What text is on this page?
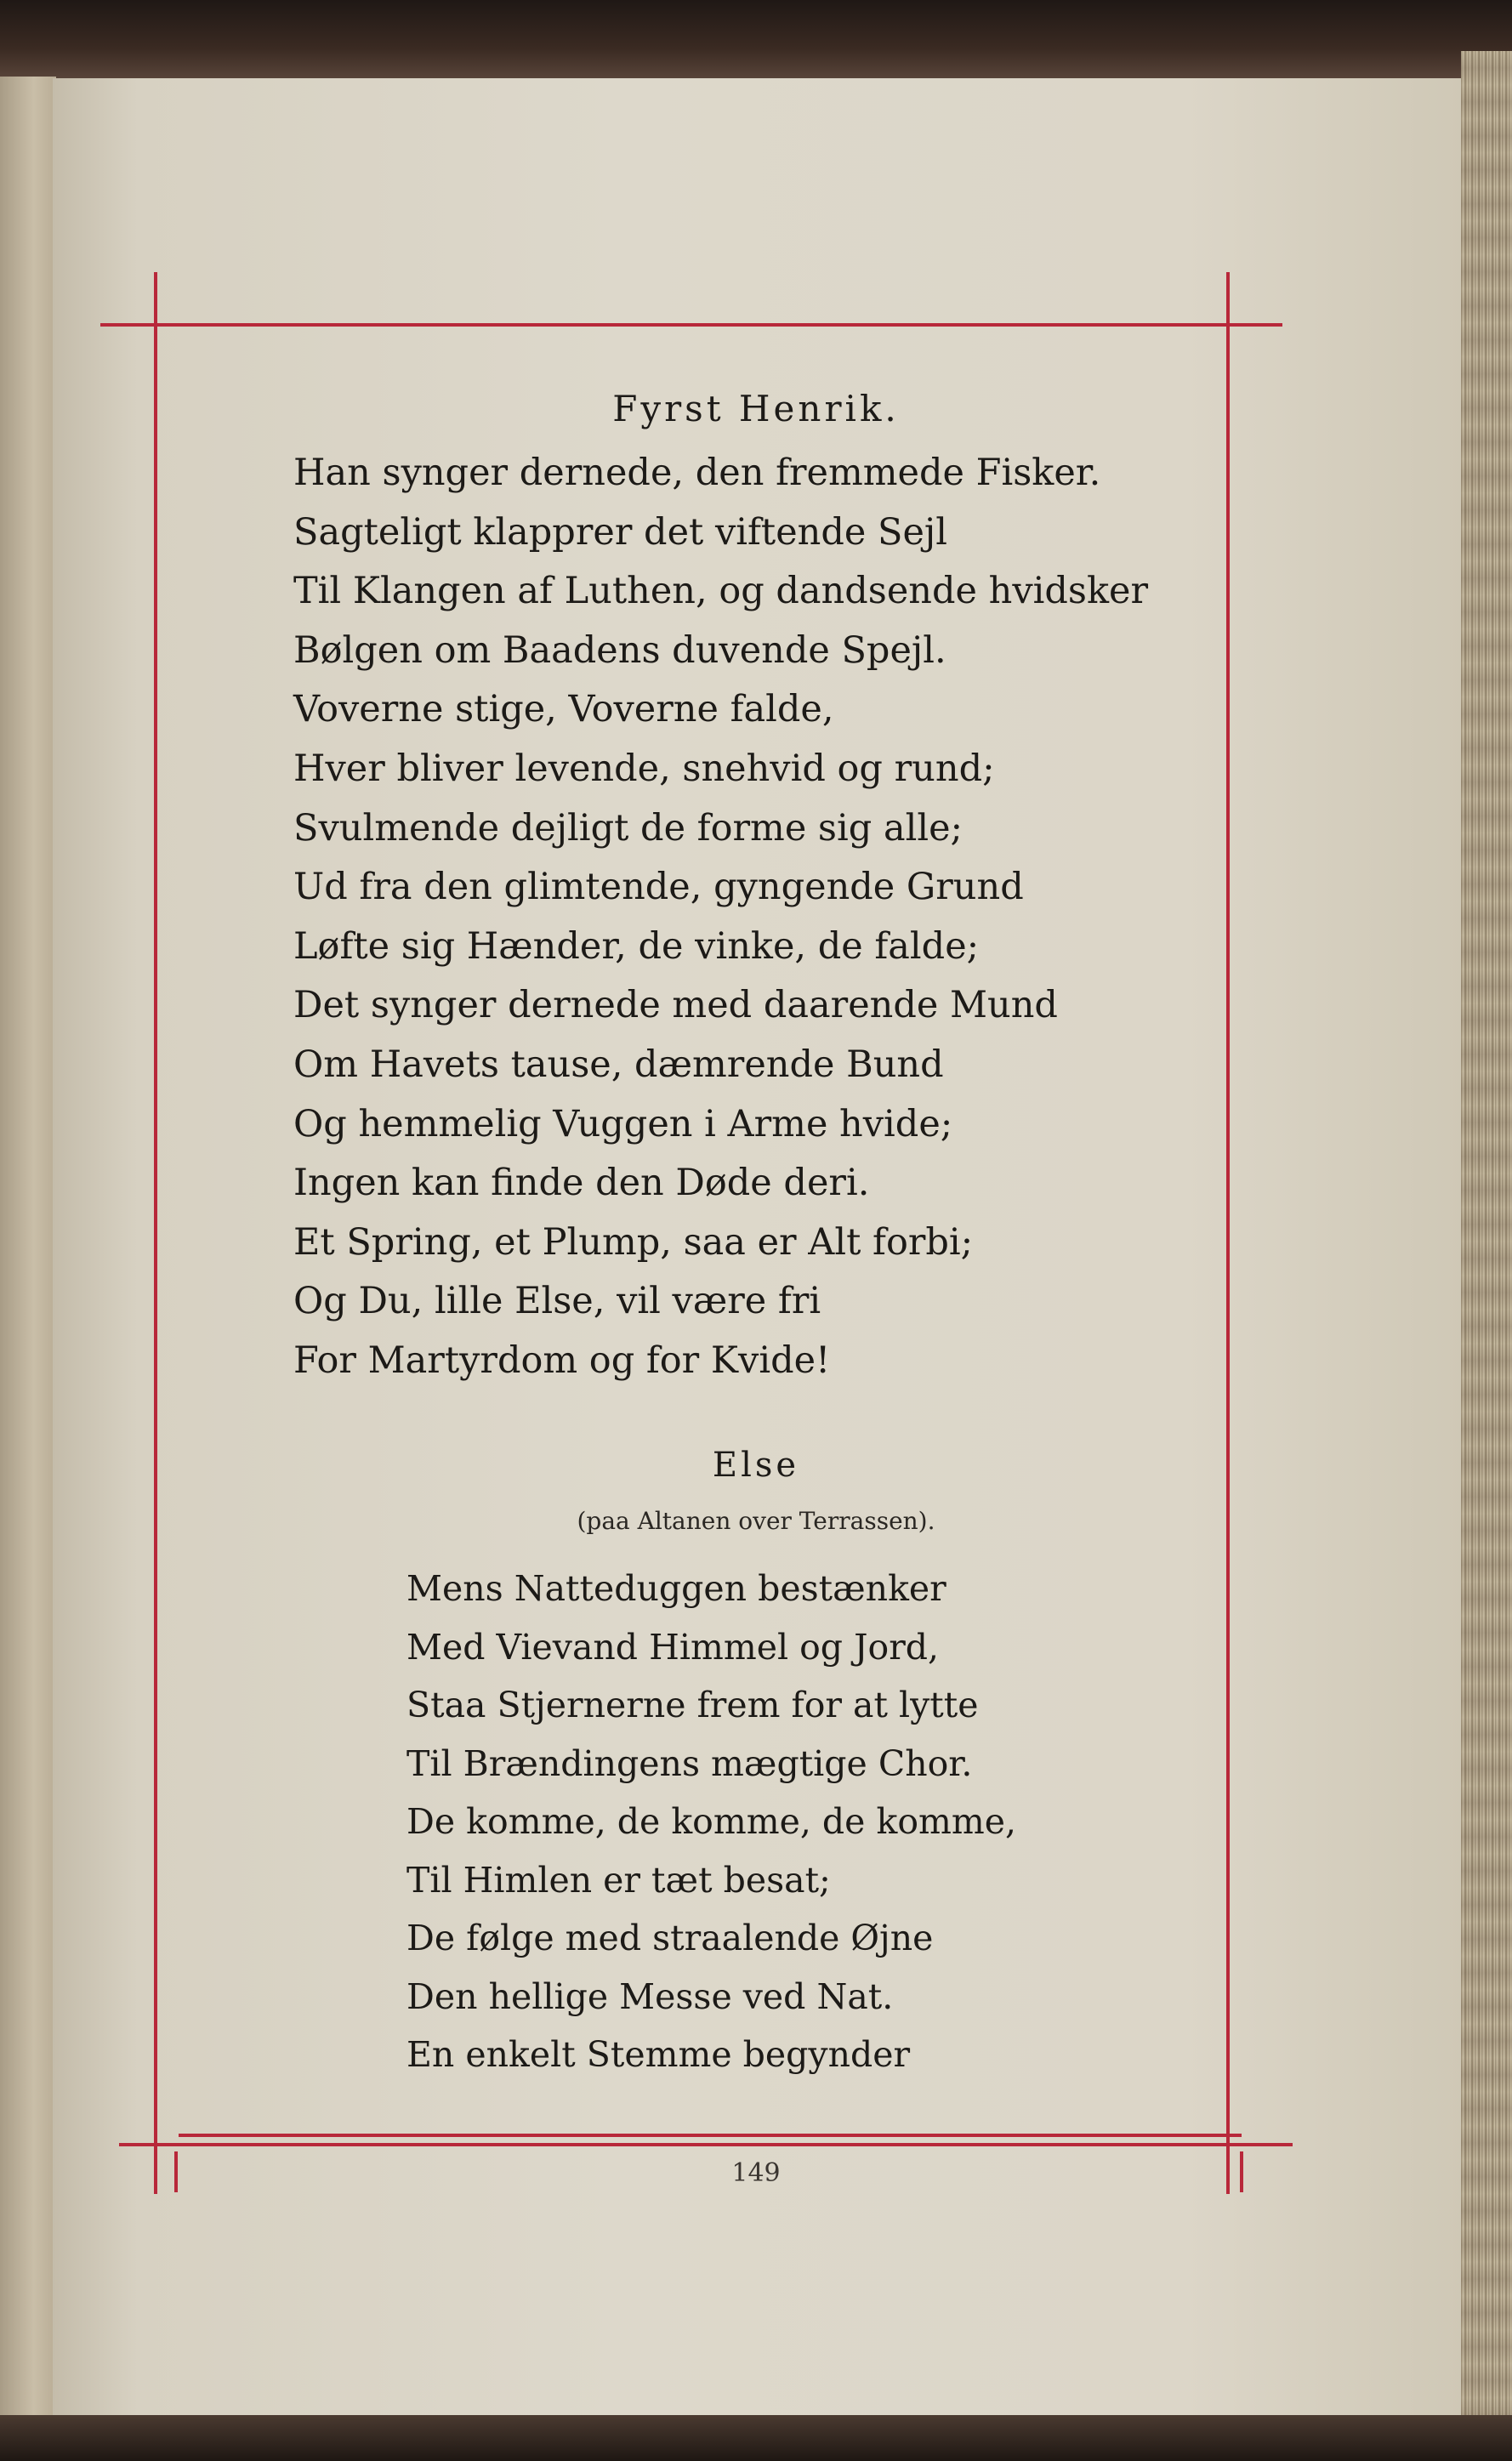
Fyrst Henrik.
Han synger dernede, den fremmede Fisker.
Sagteligt klapprer det viftende Sejl
Til Klangen af Luthen, og dandsende hvidsker
Bølgen om Baadens duvende Spejl.
Voverne stige, Voverne falde,
Hver bliver levende, snehvid og rund;
Svulmende dejligt de forme sig alle;
Ud fra den glimtende, gyngende Grund
Løfte sig Hænder, de vinke, de falde;
Det synger dernede med daarende Mund
Om Havets tause, dæmrende Bund
Og hemmelig Vuggen i Arme hvide;
Ingen kan finde den Døde deri.
Et Spring, et Plump, saa er Alt forbi;
Og Du, lille Else, vil være fri
For Martyrdom og for Kvide!
Else
(paa Altanen over Terrassen).
Mens Natteduggen bestænker
Med Vievand Himmel og Jord,
Staa Stjernerne frem for at lytte
Til Brændingens mægtige Chor.
De komme, de komme, de komme,
Til Himlen er tæt besat;
De følge med straalende Øjne
Den hellige Messe ved Nat.
En enkelt Stemme begynder
149
